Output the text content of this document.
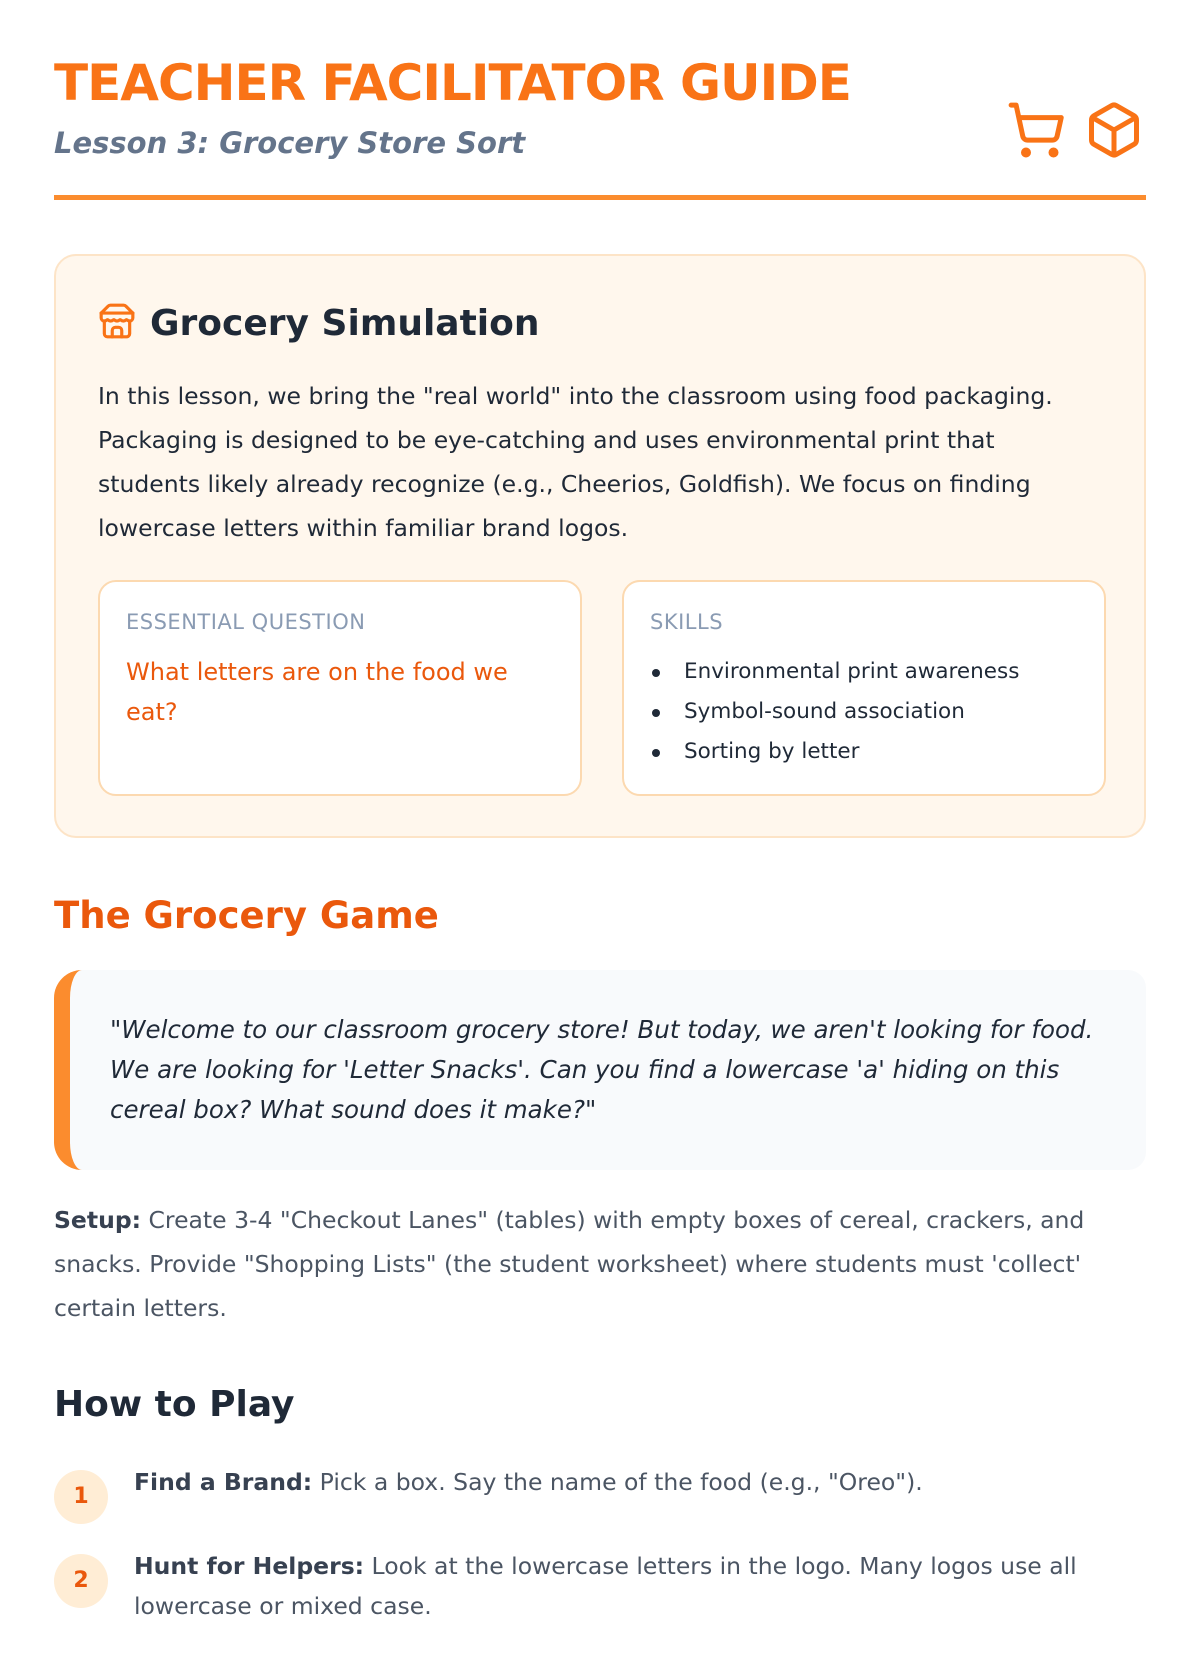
TEACHER FACILITATOR GUIDE
Lesson 3: Grocery Store Sort
Grocery Simulation

In this lesson, we bring the "real world" into the classroom using food packaging. Packaging is designed to be eye-catching and uses environmental print that students likely already recognize (e.g., Cheerios, Goldfish). We focus on finding lowercase letters within familiar brand logos.

ESSENTIAL QUESTION

What letters are on the food we eat?

SKILLS
Environmental print awareness
Symbol-sound association
Sorting by letter
The Grocery Game

"Welcome to our classroom grocery store! But today, we aren't looking for food. We are looking for 'Letter Snacks'. Can you find a lowercase 'a' hiding on this cereal box? What sound does it make?"

Setup: Create 3-4 "Checkout Lanes" (tables) with empty boxes of cereal, crackers, and snacks. Provide "Shopping Lists" (the student worksheet) where students must 'collect' certain letters.

How to Play
1
Find a Brand: Pick a box. Say the name of the food (e.g., "Oreo").
2
Hunt for Helpers: Look at the lowercase letters in the logo. Many logos use all lowercase or mixed case.
